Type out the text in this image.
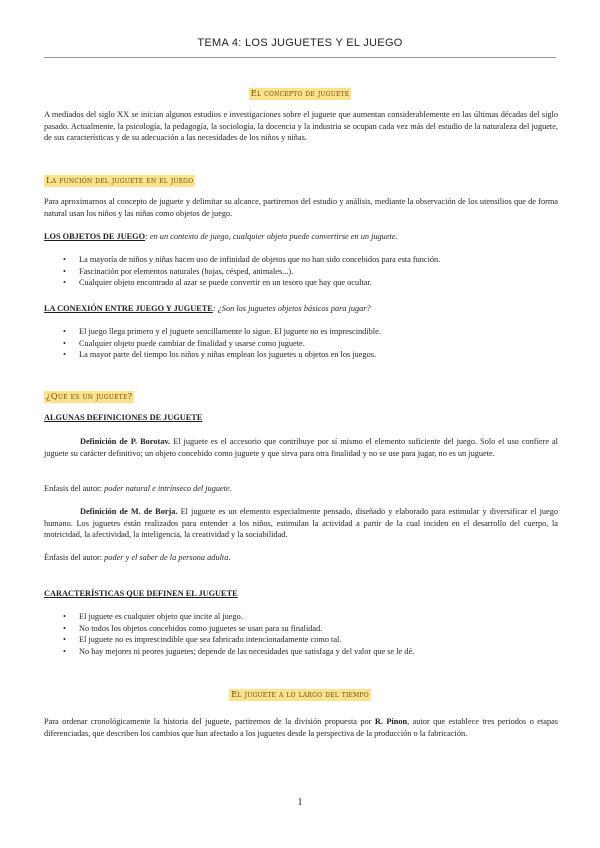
TEMA 4: LOS JUGUETES Y EL JUEGO
El concepto de juguete
A mediados del siglo XX se inician algunos estudios e investigaciones sobre el juguete que aumentan considerablemente en las últimas décadas del siglo pasado. Actualmente, la psicología, la pedagogía, la sociología, la docencia y la industria se ocupan cada vez más del estudio de la naturaleza del juguete, de sus características y de su adecuación a las necesidades de los niños y niñas.
La función del juguete en el juego
Para aproximarnos al concepto de juguete y delimitar su alcance, partiremos del estudio y análisis, mediante la observación de los utensilios que de forma natural usan los niños y las niñas como objetos de juego.
LOS OBJETOS DE JUEGO: en un contexto de juego, cualquier objeto puede convertirse en un juguete.
• La mayoría de niños y niñas hacen uso de infinidad de objetos que no han sido concebidos para esta función.
• Fascinación por elementos naturales (hojas, césped, animales...).
• Cualquier objeto encontrado al azar se puede convertir en un tesoro que hay que ocultar.
LA CONEXIÓN ENTRE JUEGO Y JUGUETE: ¿Son los juguetes objetos básicos para jugar?
• El juego llega primero y el juguete sencillamente lo sigue. El juguete no es imprescindible.
• Cualquier objeto puede cambiar de finalidad y usarse como juguete.
• La mayor parte del tiempo los niños y niñas emplean los juguetes u objetos en los juegos.
¿Qué es un juguete?
ALGUNAS DEFINICIONES DE JUGUETE
Definición de P. Borotav. El juguete es el accesorio que contribuye por sí mismo el elemento suficiente del juego. Solo el uso confiere al juguete su carácter definitivo; un objeto concebido como juguete y que sirva para otra finalidad y no se use para jugar, no es un juguete.
Enfasis del autor: poder natural e intrínseco del juguete.
Definición de M. de Borja. El juguete es un elemento especialmente pensado, diseñado y elaborado para estimular y diversificar el juego humano. Los juguetes están realizados para entender a los niños, estimulan la actividad a partir de la cual inciden en el desarrollo del cuerpo, la motricidad, la afectividad, la inteligencia, la creatividad y la sociabilidad.
Énfasis del autor: poder y el saber de la persona adulta.
CARACTERÍSTICAS QUE DEFINEN EL JUGUETE
• El juguete es cualquier objeto que incite al juego.
• No todos los objetos concebidos como juguetes se usan para su finalidad.
• El juguete no es imprescindible que sea fabricado intencionadamente como tal.
• No hay mejores ni peores juguetes; depende de las necesidades que satisfaga y del valor que se le dé.
El juguete a lo largo del tiempo
Para ordenar cronológicamente la historia del juguete, partiremos de la división propuesta por R. Pinon, autor que establece tres periodos o etapas diferenciadas, que describen los cambios que han afectado a los juguetes desde la perspectiva de la producción o la fabricación.
1
